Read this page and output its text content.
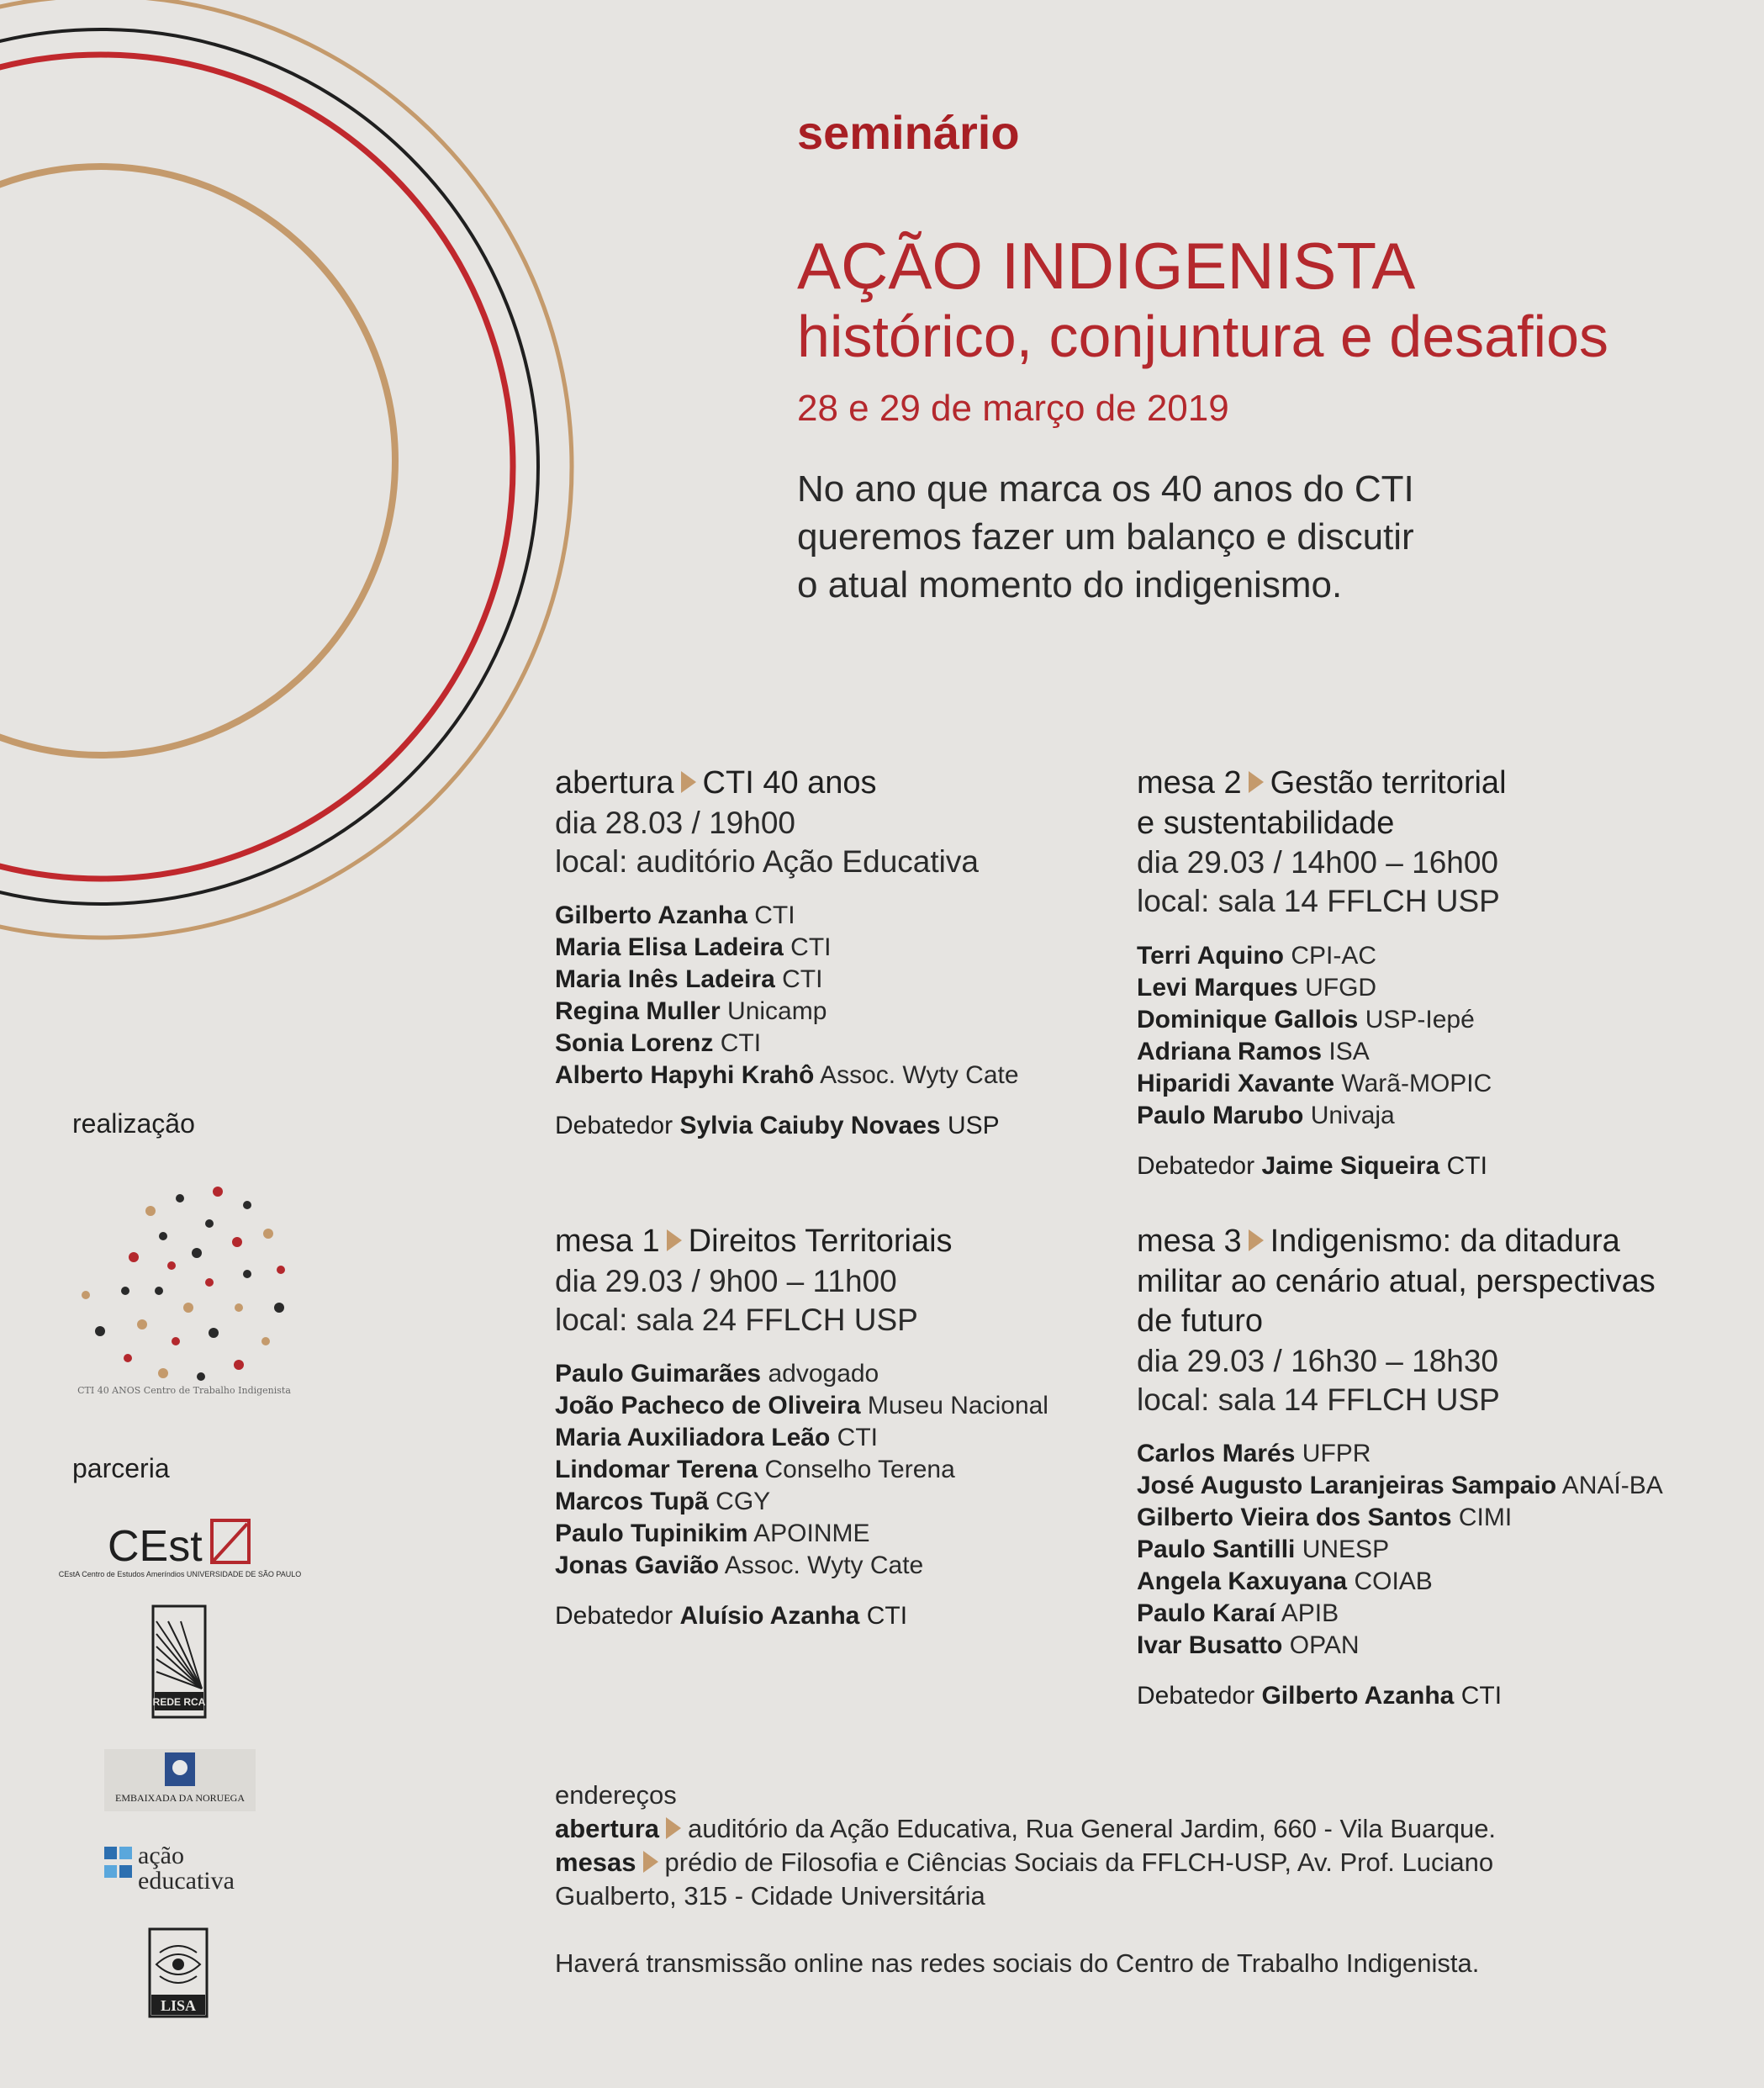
seminário

AÇÃO INDIGENISTA

histórico, conjuntura e desafios

28 e 29 de março de 2019

No ano que marca os 40 anos do CTI
queremos fazer um balanço e discutir
o atual momento do indigenismo.

abertura CTI 40 anos

dia 28.03 / 19h00

local: auditório Ação Educativa

Gilberto Azanha CTI
Maria Elisa Ladeira CTI
Maria Inês Ladeira CTI
Regina Muller Unicamp
Sonia Lorenz CTI
Alberto Hapyhi Krahô Assoc. Wyty Cate

Debatedor Sylvia Caiuby Novaes USP

mesa 1 Direitos Territoriais

dia 29.03 / 9h00 – 11h00

local: sala 24 FFLCH USP

Paulo Guimarães advogado
João Pacheco de Oliveira Museu Nacional
Maria Auxiliadora Leão CTI
Lindomar Terena Conselho Terena
Marcos Tupã CGY
Paulo Tupinikim APOINME
Jonas Gavião Assoc. Wyty Cate

Debatedor Aluísio Azanha CTI

mesa 2 Gestão territorial

e sustentabilidade

dia 29.03 / 14h00 – 16h00

local: sala 14 FFLCH USP

Terri Aquino CPI-AC
Levi Marques UFGD
Dominique Gallois USP-Iepé
Adriana Ramos ISA
Hiparidi Xavante Warã-MOPIC
Paulo Marubo Univaja

Debatedor Jaime Siqueira CTI

mesa 3 Indigenismo: da ditadura

militar ao cenário atual, perspectivas

de futuro

dia 29.03 / 16h30 – 18h30

local: sala 14 FFLCH USP

Carlos Marés UFPR
José Augusto Laranjeiras Sampaio ANAÍ-BA
Gilberto Vieira dos Santos CIMI
Paulo Santilli UNESP
Angela Kaxuyana COIAB
Paulo Karaí APIB
Ivar Busatto OPAN

Debatedor Gilberto Azanha CTI

realização
CTI 40 ANOS Centro de Trabalho Indigenista
parceria
CEstA Centro de Estudos Ameríndios UNIVERSIDADE DE SÃO PAULO
CEst
REDE RCA
EMBAIXADA DA NORUEGA
ação
educativa
LISA

endereços

abertura auditório da Ação Educativa, Rua General Jardim, 660 - Vila Buarque.

mesas prédio de Filosofia e Ciências Sociais da FFLCH-USP, Av. Prof. Luciano

Gualberto, 315 - Cidade Universitária

Haverá transmissão online nas redes sociais do Centro de Trabalho Indigenista.
